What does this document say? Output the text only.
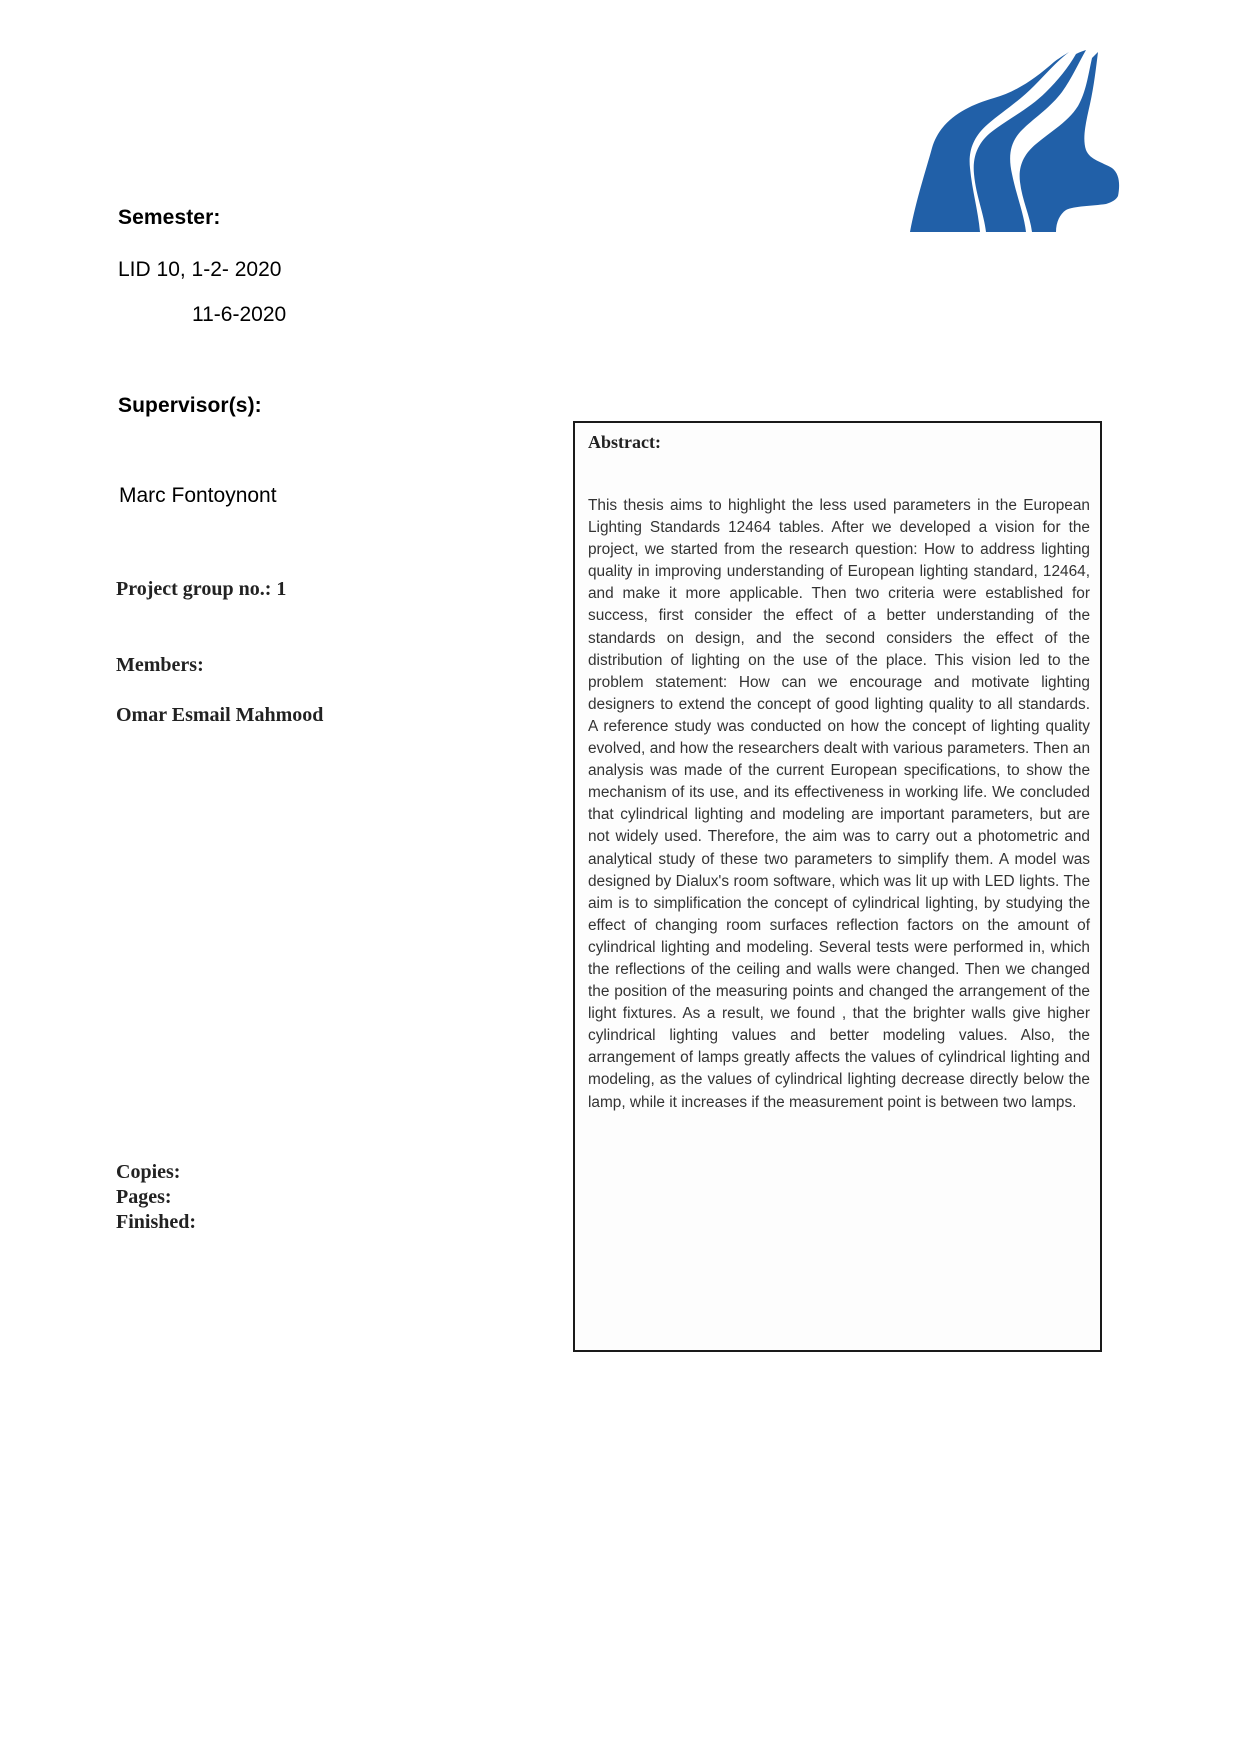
Semester:
LID 10, 1-2- 2020
11-6-2020
Supervisor(s):
Marc Fontoynont
Project group no.: 1
Members:
Omar Esmail Mahmood
Copies:
Pages:
Finished:
Abstract:
This thesis aims to highlight the less used parameters in the European Lighting Standards 12464 tables. After we developed a vision for the project, we started from the research question: How to address lighting quality in improving understanding of European lighting standard, 12464, and make it more applicable. Then two criteria were established for success, first consider the effect of a better understanding of the standards on design, and the second considers the effect of the distribution of lighting on the use of the place. This vision led to the problem statement: How can we encourage and motivate lighting designers to extend the concept of good lighting quality to all standards. A reference study was conducted on how the concept of lighting quality evolved, and how the researchers dealt with various parameters. Then an analysis was made of the current European specifications, to show the mechanism of its use, and its effectiveness in working life. We concluded that cylindrical lighting and modeling are important parameters, but are not widely used. Therefore, the aim was to carry out a photometric and analytical study of these two parameters to simplify them. A model was designed by Dialux's room software, which was lit up with LED lights. The aim is to simplification the concept of cylindrical lighting, by studying the effect of changing room surfaces reflection factors on the amount of cylindrical lighting and modeling. Several tests were performed in, which the reflections of the ceiling and walls were changed. Then we changed the position of the measuring points and changed the arrangement of the light fixtures. As a result, we found , that the brighter walls give higher cylindrical lighting values and better modeling values. Also, the arrangement of lamps greatly affects the values of cylindrical lighting and modeling, as the values of cylindrical lighting decrease directly below the lamp, while it increases if the measurement point is between two lamps.
